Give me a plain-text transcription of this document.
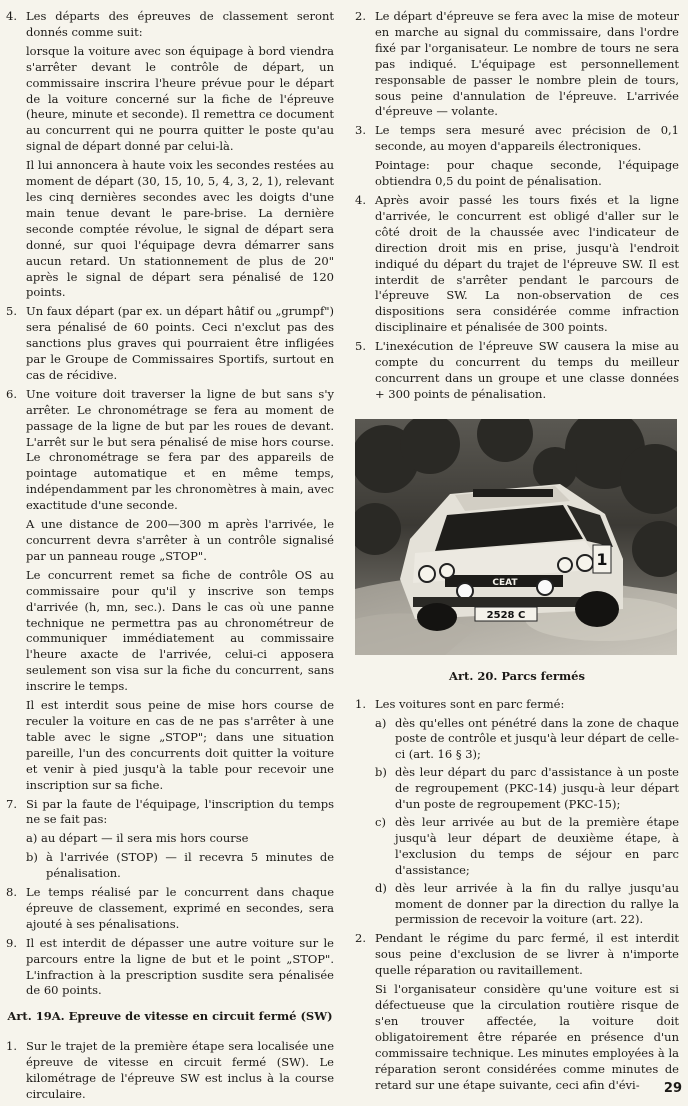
4. Les départs des épreuves de classement seront donnés comme suit:
lorsque la voiture avec son équipage à bord viendra s'arrêter devant le contrôle de départ, un commissaire inscrira l'heure prévue pour le départ de la voiture concerné sur la fiche de l'épreuve (heure, minute et seconde). Il remettra ce document au concurrent qui ne pourra quitter le poste qu'au signal de départ donné par celui-là.
Il lui annoncera à haute voix les secondes restées au moment de départ (30, 15, 10, 5, 4, 3, 2, 1), relevant les cinq dernières secondes avec les doigts d'une main tenue devant le pare-brise. La dernière seconde comptée révolue, le signal de départ sera donné, sur quoi l'équipage devra démarrer sans aucun retard. Un stationnement de plus de 20" après le signal de départ sera pénalisé de 120 points.
5. Un faux départ (par ex. un départ hâtif ou „grumpf") sera pénalisé de 60 points. Ceci n'exclut pas des sanctions plus graves qui pourraient être infligées par le Groupe de Commissaires Sportifs, surtout en cas de récidive.
6. Une voiture doit traverser la ligne de but sans s'y arrêter. Le chronométrage se fera au moment de passage de la ligne de but par les roues de devant. L'arrêt sur le but sera pénalisé de mise hors course. Le chronométrage se fera par des appareils de pointage automatique et en même temps, indépendamment par les chronomètres à main, avec exactitude d'une seconde.
A une distance de 200—300 m après l'arrivée, le concurrent devra s'arrêter à un contrôle signalisé par un panneau rouge „STOP".
Le concurrent remet sa fiche de contrôle OS au commissaire pour qu'il y inscrive son temps d'arrivée (h, mn, sec.). Dans le cas où une panne technique ne permettra pas au chronométreur de communiquer immédiatement au commissaire l'heure axacte de l'arrivée, celui-ci apposera seulement son visa sur la fiche du concurrent, sans inscrire le temps.
Il est interdit sous peine de mise hors course de reculer la voiture en cas de ne pas s'arrêter à une table avec le signe „STOP"; dans une situation pareille, l'un des concurrents doit quitter la voiture et venir à pied jusqu'à la table pour recevoir une inscription sur sa fiche.
7. Si par la faute de l'équipage, l'inscription du temps ne se fait pas:
a) au départ — il sera mis hors course
b) à l'arrivée (STOP) — il recevra 5 minutes de pénalisation.
8. Le temps réalisé par le concurrent dans chaque épreuve de classement, exprimé en secondes, sera ajouté à ses pénalisations.
9. Il est interdit de dépasser une autre voiture sur le parcours entre la ligne de but et le point „STOP". L'infraction à la prescription susdite sera pénalisée de 60 points.
Art. 19A. Epreuve de vitesse en circuit fermé (SW)
1. Sur le trajet de la première étape sera localisée une épreuve de vitesse en circuit fermé (SW). Le kilométrage de l'épreuve SW est inclus à la course circulaire.
2. Le départ d'épreuve se fera avec la mise de moteur en marche au signal du commissaire, dans l'ordre fixé par l'organisateur. Le nombre de tours ne sera pas indiqué. L'équipage est personnellement responsable de passer le nombre plein de tours, sous peine d'annulation de l'épreuve. L'arrivée d'épreuve — volante.
3. Le temps sera mesuré avec précision de 0,1 seconde, au moyen d'appareils électroniques.
Pointage: pour chaque seconde, l'équipage obtiendra 0,5 du point de pénalisation.
4. Après avoir passé les tours fixés et la ligne d'arrivée, le concurrent est obligé d'aller sur le côté droit de la chaussée avec l'indicateur de direction droit mis en prise, jusqu'à l'endroit indiqué du départ du trajet de l'épreuve SW. Il est interdit de s'arrêter pendant le parcours de l'épreuve SW. La non-observation de ces dispositions sera considérée comme infraction disciplinaire et pénalisée de 300 points.
5. L'inexécution de l'épreuve SW causera la mise au compte du concurrent du temps du meilleur concurrent dans un groupe et une classe données + 300 points de pénalisation.
1
CEAT
2528 C
Art. 20. Parcs fermés
1. Les voitures sont en parc fermé:
a) dès qu'elles ont pénétré dans la zone de chaque poste de contrôle et jusqu'à leur départ de celle-ci (art. 16 § 3);
b) dès leur départ du parc d'assistance à un poste de regroupement (PKC-14) jusqu-à leur départ d'un poste de regroupement (PKC-15);
c) dès leur arrivée au but de la première étape jusqu'à leur départ de deuxième étape, à l'exclusion du temps de séjour en parc d'assistance;
d) dès leur arrivée à la fin du rallye jusqu'au moment de donner par la direction du rallye la permission de recevoir la voiture (art. 22).
2. Pendant le régime du parc fermé, il est interdit sous peine d'exclusion de se livrer à n'importe quelle réparation ou ravitaillement.
Si l'organisateur considère qu'une voiture est si défectueuse que la circulation routière risque de s'en trouver affectée, la voiture doit obligatoirement être réparée en présence d'un commissaire technique. Les minutes employées à la réparation seront considérées comme minutes de retard sur une étape suivante, ceci afin d'évi-	29
